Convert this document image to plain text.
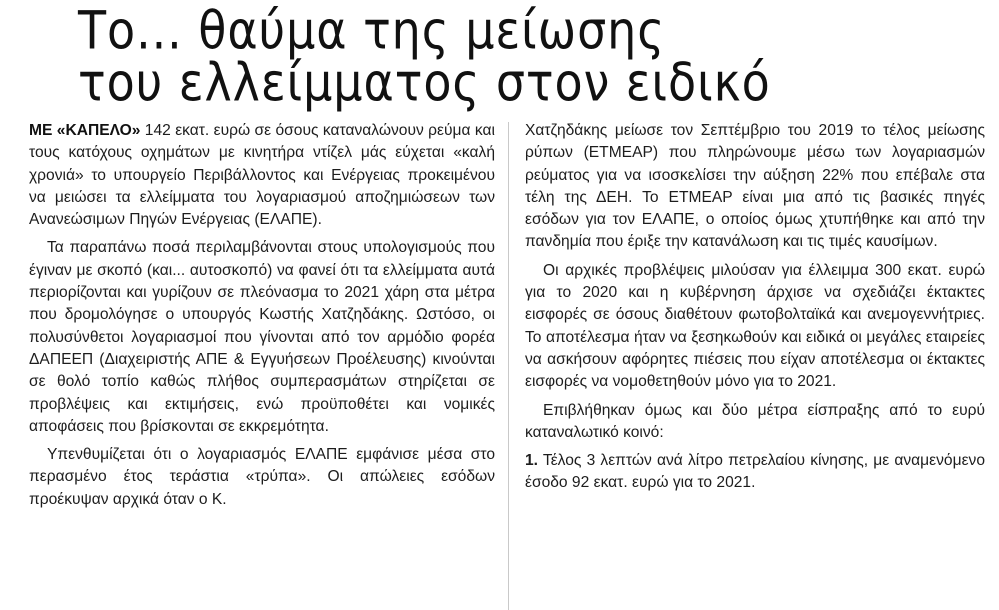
Το... θαύμα της μείωσης
του ελλείμματος στον ειδικό

ΜΕ «ΚΑΠΕΛΟ» 142 εκατ. ευρώ σε όσους καταναλώνουν ρεύμα και τους κατόχους οχημάτων με κινητήρα ντίζελ μάς εύχεται «καλή χρονιά» το υπουργείο Περιβάλλοντος και Ενέργειας προκειμένου να μειώσει τα ελλείμματα του λογαριασμού αποζημιώσεων των Ανανεώσιμων Πηγών Ενέργειας (ΕΛΑΠΕ).

Τα παραπάνω ποσά περιλαμβάνονται στους υπολογισμούς που έγιναν με σκοπό (και... αυτοσκοπό) να φανεί ότι τα ελλείμματα αυτά περιορίζονται και γυρίζουν σε πλεόνασμα το 2021 χάρη στα μέτρα που δρομολόγησε ο υπουργός Κωστής Χατζηδάκης. Ωστόσο, οι πολυσύνθετοι λογαριασμοί που γίνονται από τον αρμόδιο φορέα ΔΑΠΕΕΠ (Διαχειριστής ΑΠΕ & Εγγυήσεων Προέλευσης) κινούνται σε θολό τοπίο καθώς πλήθος συμπερασμάτων στηρίζεται σε προβλέψεις και εκτιμήσεις, ενώ προϋποθέτει και νομικές αποφάσεις που βρίσκονται σε εκκρεμότητα.

Υπενθυμίζεται ότι ο λογαριασμός ΕΛΑΠΕ εμφάνισε μέσα στο περασμένο έτος τεράστια «τρύπα». Οι απώλειες εσόδων προέκυψαν αρχικά όταν ο Κ.

Χατζηδάκης μείωσε τον Σεπτέμβριο του 2019 το τέλος μείωσης ρύπων (ΕΤΜΕΑΡ) που πληρώνουμε μέσω των λογαριασμών ρεύματος για να ισοσκελίσει την αύξηση 22% που επέβαλε στα τέλη της ΔΕΗ. Το ΕΤΜΕΑΡ είναι μια από τις βασικές πηγές εσόδων για τον ΕΛΑΠΕ, ο οποίος όμως χτυπήθηκε και από την πανδημία που έριξε την κατανάλωση και τις τιμές καυσίμων.

Οι αρχικές προβλέψεις μιλούσαν για έλλειμμα 300 εκατ. ευρώ για το 2020 και η κυβέρνηση άρχισε να σχεδιάζει έκτακτες εισφορές σε όσους διαθέτουν φωτοβολταϊκά και ανεμογεννήτριες. Το αποτέλεσμα ήταν να ξεσηκωθούν και ειδικά οι μεγάλες εταιρείες να ασκήσουν αφόρητες πιέσεις που είχαν αποτέλεσμα οι έκτακτες εισφορές να νομοθετηθούν μόνο για το 2021.

Επιβλήθηκαν όμως και δύο μέτρα είσπραξης από το ευρύ καταναλωτικό κοινό:

1. Τέλος 3 λεπτών ανά λίτρο πετρελαίου κίνησης, με αναμενόμενο έσοδο 92 εκατ. ευρώ για το 2021.
